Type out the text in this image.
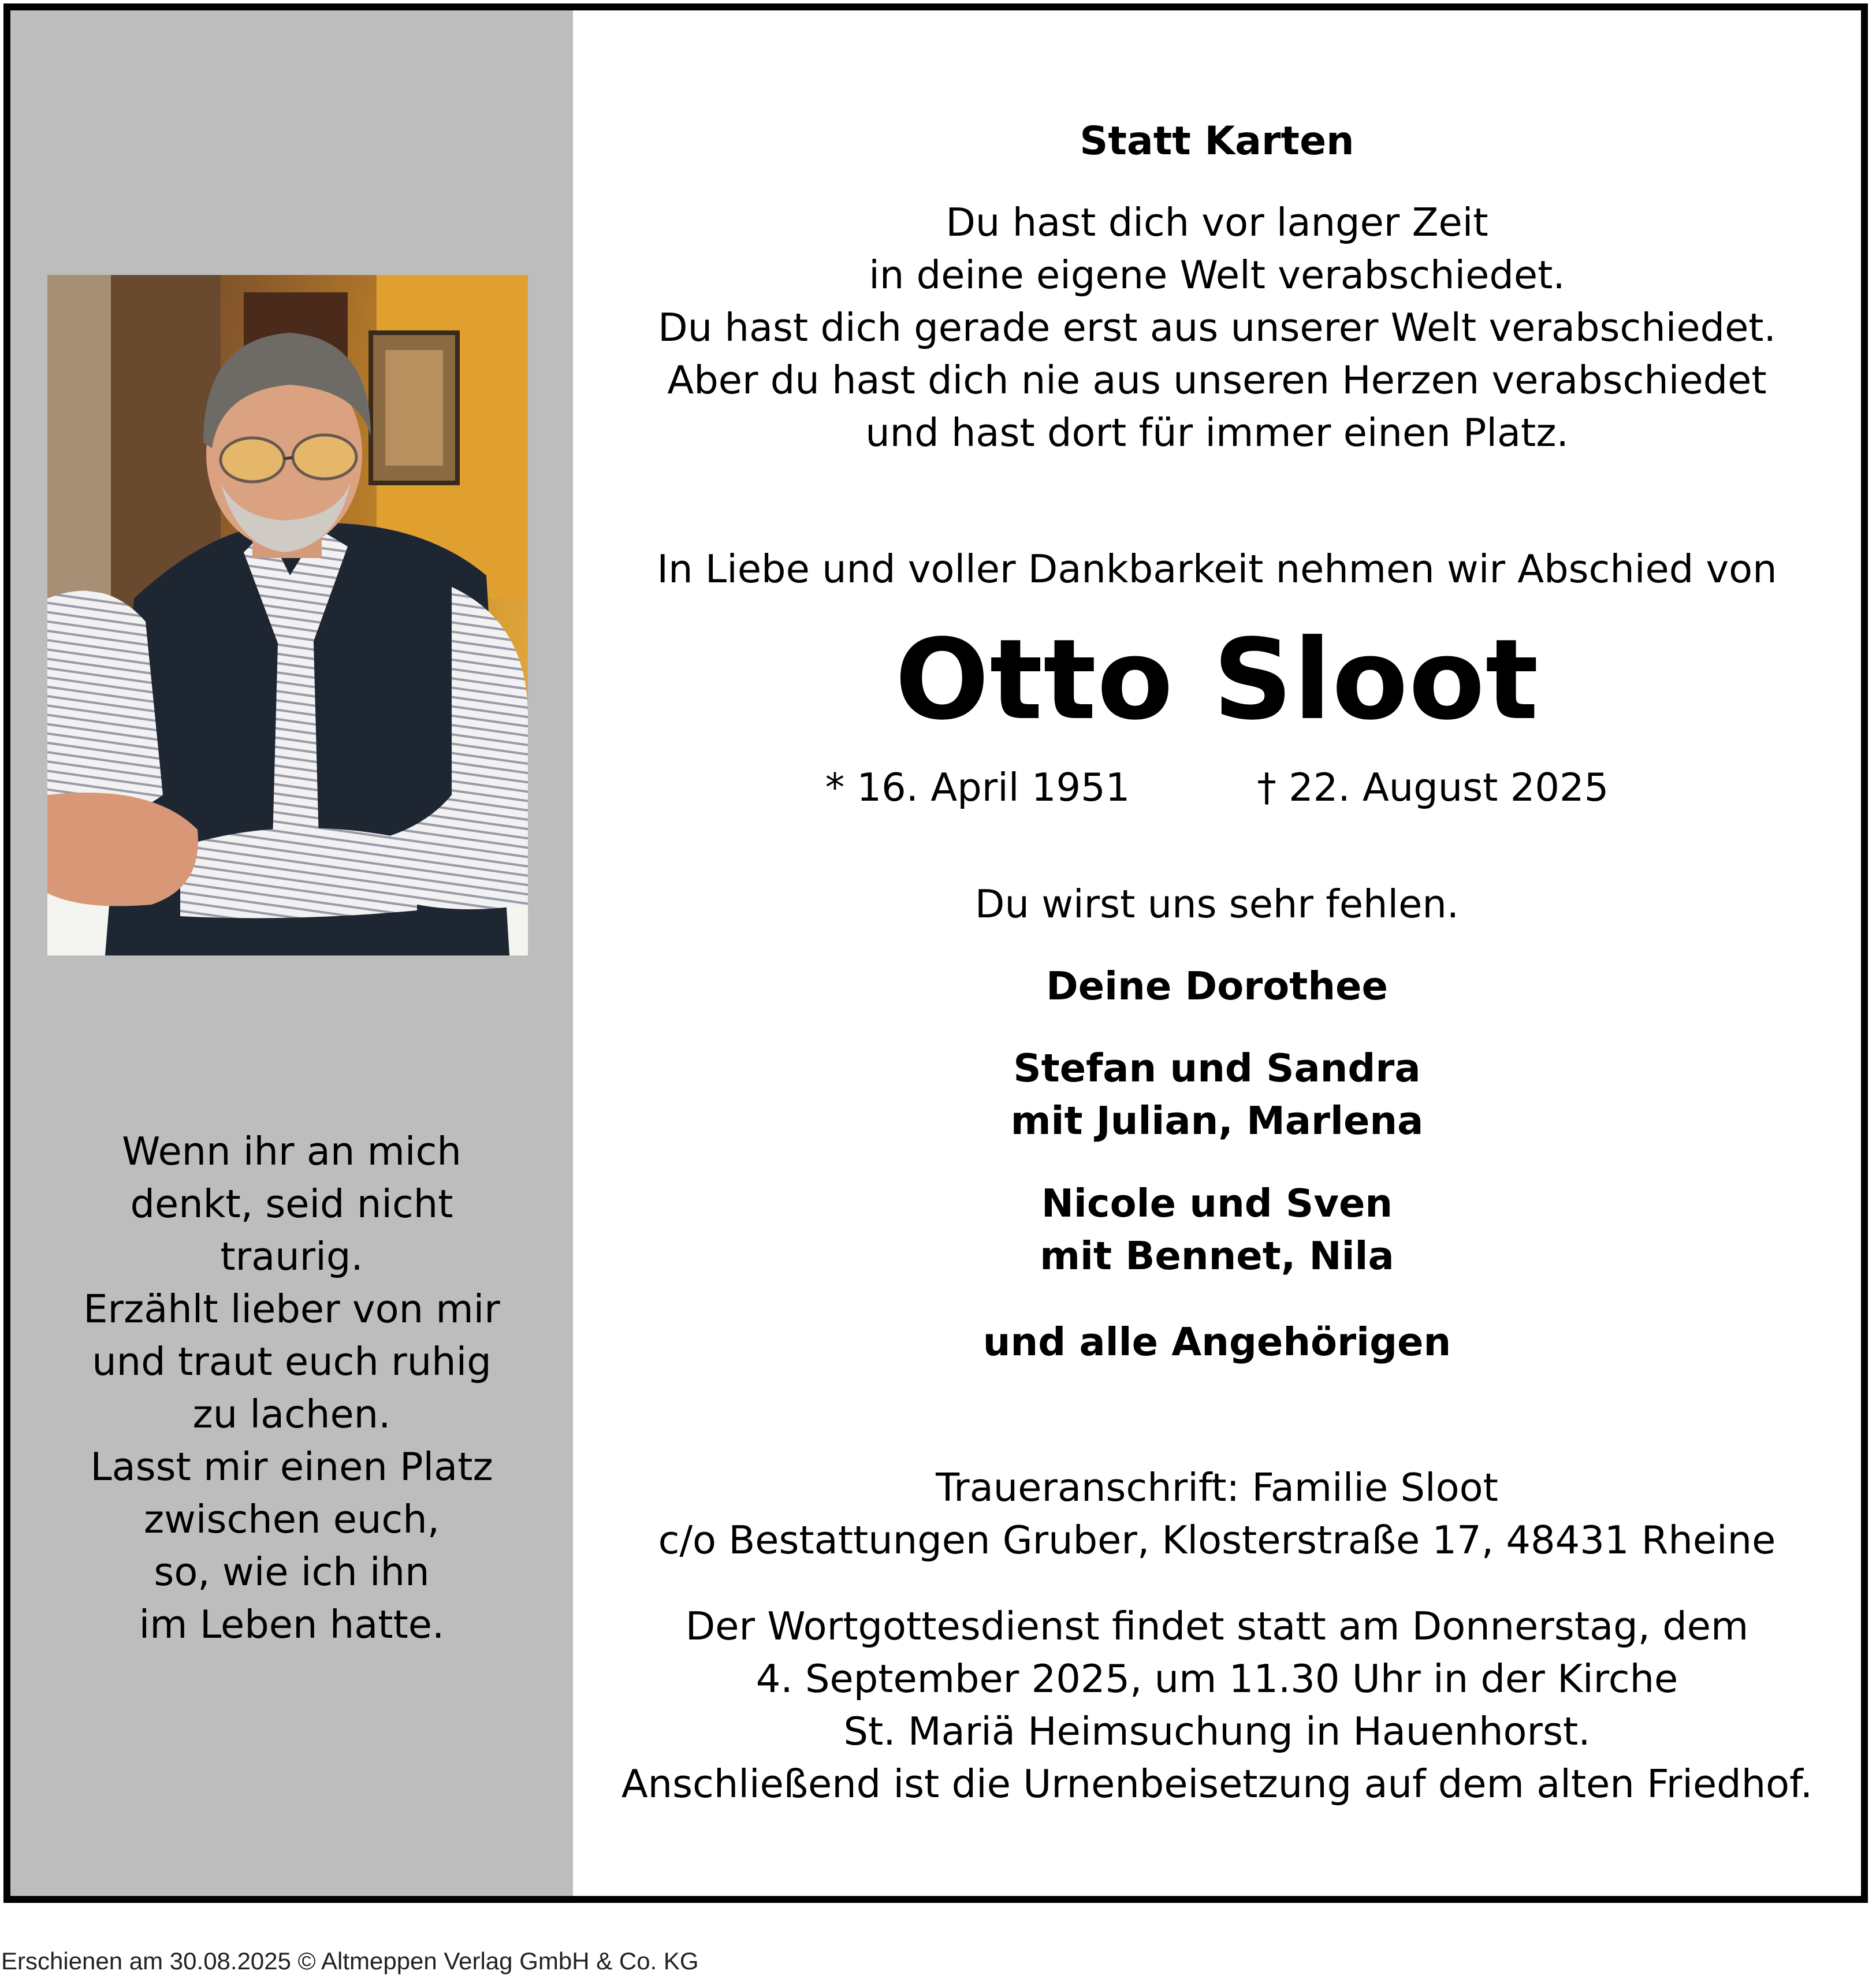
Wenn ihr an mich
denkt, seid nicht
traurig.
Erzählt lieber von mir
und traut euch ruhig
zu lachen.
Lasst mir einen Platz
zwischen euch,
so, wie ich ihn
im Leben hatte.
Statt Karten
Du hast dich vor langer Zeit
in deine eigene Welt verabschiedet.
Du hast dich gerade erst aus unserer Welt verabschiedet.
Aber du hast dich nie aus unseren Herzen verabschiedet
und hast dort für immer einen Platz.
In Liebe und voller Dankbarkeit nehmen wir Abschied von
Otto Sloot
* 16. April 1951	† 22. August 2025
Du wirst uns sehr fehlen.
Deine Dorothee
Stefan und Sandra
mit Julian, Marlena
Nicole und Sven
mit Bennet, Nila
und alle Angehörigen
Traueranschrift: Familie Sloot
c/o Bestattungen Gruber, Klosterstraße 17, 48431 Rheine
Der Wortgottesdienst findet statt am Donnerstag, dem
4. September 2025, um 11.30 Uhr in der Kirche
St. Mariä Heimsuchung in Hauenhorst.
Anschließend ist die Urnenbeisetzung auf dem alten Friedhof.
Erschienen am 30.08.2025 © Altmeppen Verlag GmbH & Co. KG
